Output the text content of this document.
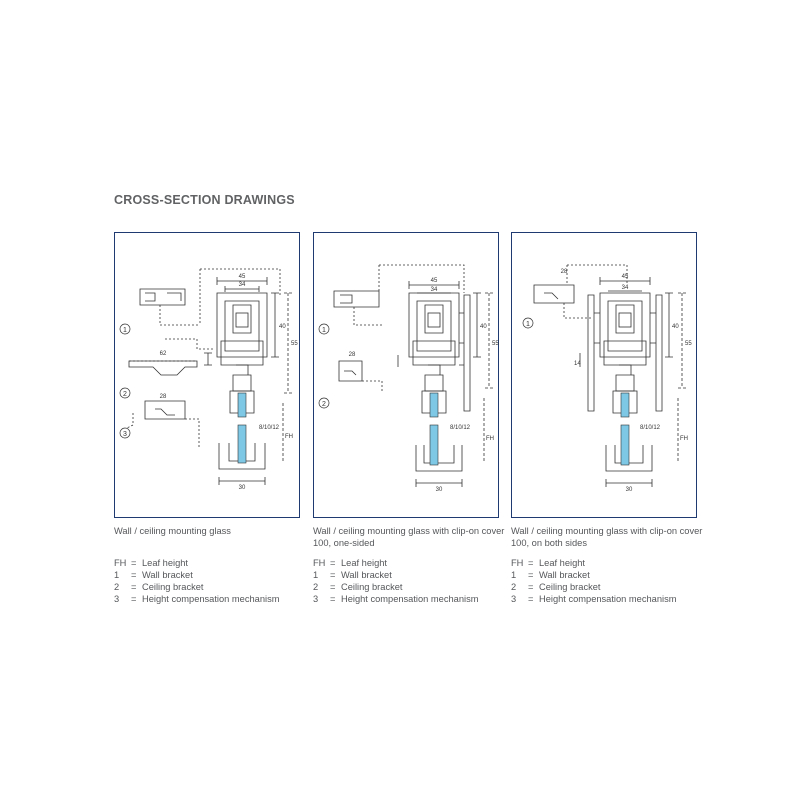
CROSS-SECTION DRAWINGS
1
2
3
45
34
40
55
62
28
8/10/12
FH
30
1
2
45
34
40
55
28
8/10/12
FH
30
1
28
45
34
40
55
14
8/10/12
FH
30
Wall / ceiling mounting glass	Wall / ceiling mounting glass with clip-on cover 100, one-sided
Wall / ceiling mounting glass with clip-on cover 100, on both sides
FH = Leaf height
1 = Wall bracket
2 = Ceiling bracket
3 = Height compensation mechanism
FH = Leaf height
1 = Wall bracket
2 = Ceiling bracket
3 = Height compensation mechanism
FH = Leaf height
1 = Wall bracket
2 = Ceiling bracket
3 = Height compensation mechanism
